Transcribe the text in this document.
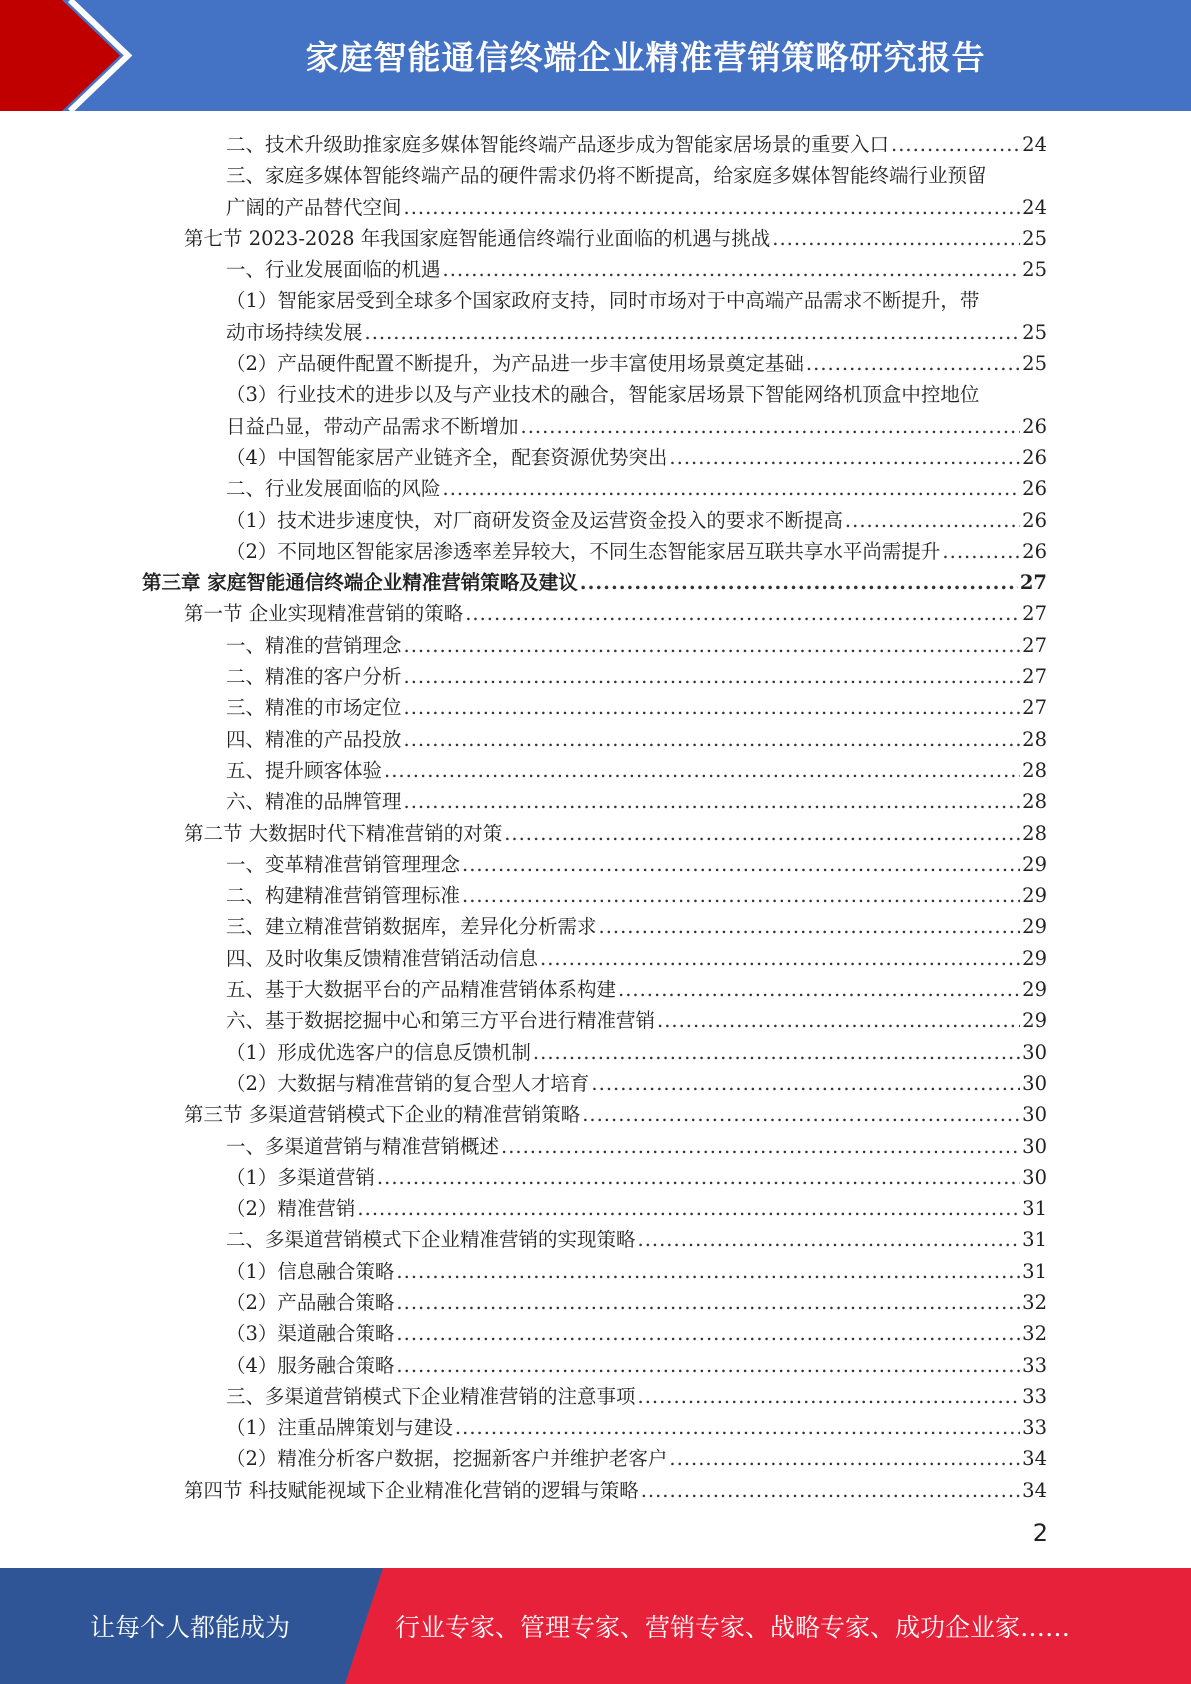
家庭智能通信终端企业精准营销策略研究报告
二、技术升级助推家庭多媒体智能终端产品逐步成为智能家居场景的重要入口 .....	24
三、家庭多媒体智能终端产品的硬件需求仍将不断提高，给家庭多媒体智能终端行业预留
广阔的产品替代空间 .....	24
第七节 2023-2028 年我国家庭智能通信终端行业面临的机遇与挑战 .....	25
一、行业发展面临的机遇 .....	25
（1）智能家居受到全球多个国家政府支持，同时市场对于中高端产品需求不断提升，带
动市场持续发展 .....	25
（2）产品硬件配置不断提升，为产品进一步丰富使用场景奠定基础 .....	25
（3）行业技术的进步以及与产业技术的融合，智能家居场景下智能网络机顶盒中控地位
日益凸显，带动产品需求不断增加 .....	26
（4）中国智能家居产业链齐全，配套资源优势突出 .....	26
二、行业发展面临的风险 .....	26
（1）技术进步速度快，对厂商研发资金及运营资金投入的要求不断提高 .....	26
（2）不同地区智能家居渗透率差异较大，不同生态智能家居互联共享水平尚需提升 .....	26
第三章 家庭智能通信终端企业精准营销策略及建议 .....	27
第一节 企业实现精准营销的策略 .....	27
一、精准的营销理念 .....	27
二、精准的客户分析 .....	27
三、精准的市场定位 .....	27
四、精准的产品投放 .....	28
五、提升顾客体验 .....	28
六、精准的品牌管理 .....	28
第二节 大数据时代下精准营销的对策 .....	28
一、变革精准营销管理理念 .....	29
二、构建精准营销管理标准 .....	29
三、建立精准营销数据库，差异化分析需求 .....	29
四、及时收集反馈精准营销活动信息 .....	29
五、基于大数据平台的产品精准营销体系构建 .....	29
六、基于数据挖掘中心和第三方平台进行精准营销 .....	29
（1）形成优选客户的信息反馈机制 .....	30
（2）大数据与精准营销的复合型人才培育 .....	30
第三节 多渠道营销模式下企业的精准营销策略 .....	30
一、多渠道营销与精准营销概述 .....	30
（1）多渠道营销 .....	30
（2）精准营销 .....	31
二、多渠道营销模式下企业精准营销的实现策略 .....	31
（1）信息融合策略 .....	31
（2）产品融合策略 .....	32
（3）渠道融合策略 .....	32
（4）服务融合策略 .....	33
三、多渠道营销模式下企业精准营销的注意事项 .....	33
（1）注重品牌策划与建设 .....	33
（2）精准分析客户数据，挖掘新客户并维护老客户 .....	34
第四节 科技赋能视域下企业精准化营销的逻辑与策略 .....	34
2
让每个人都能成为	行业专家、管理专家、营销专家、战略专家、成功企业家……
